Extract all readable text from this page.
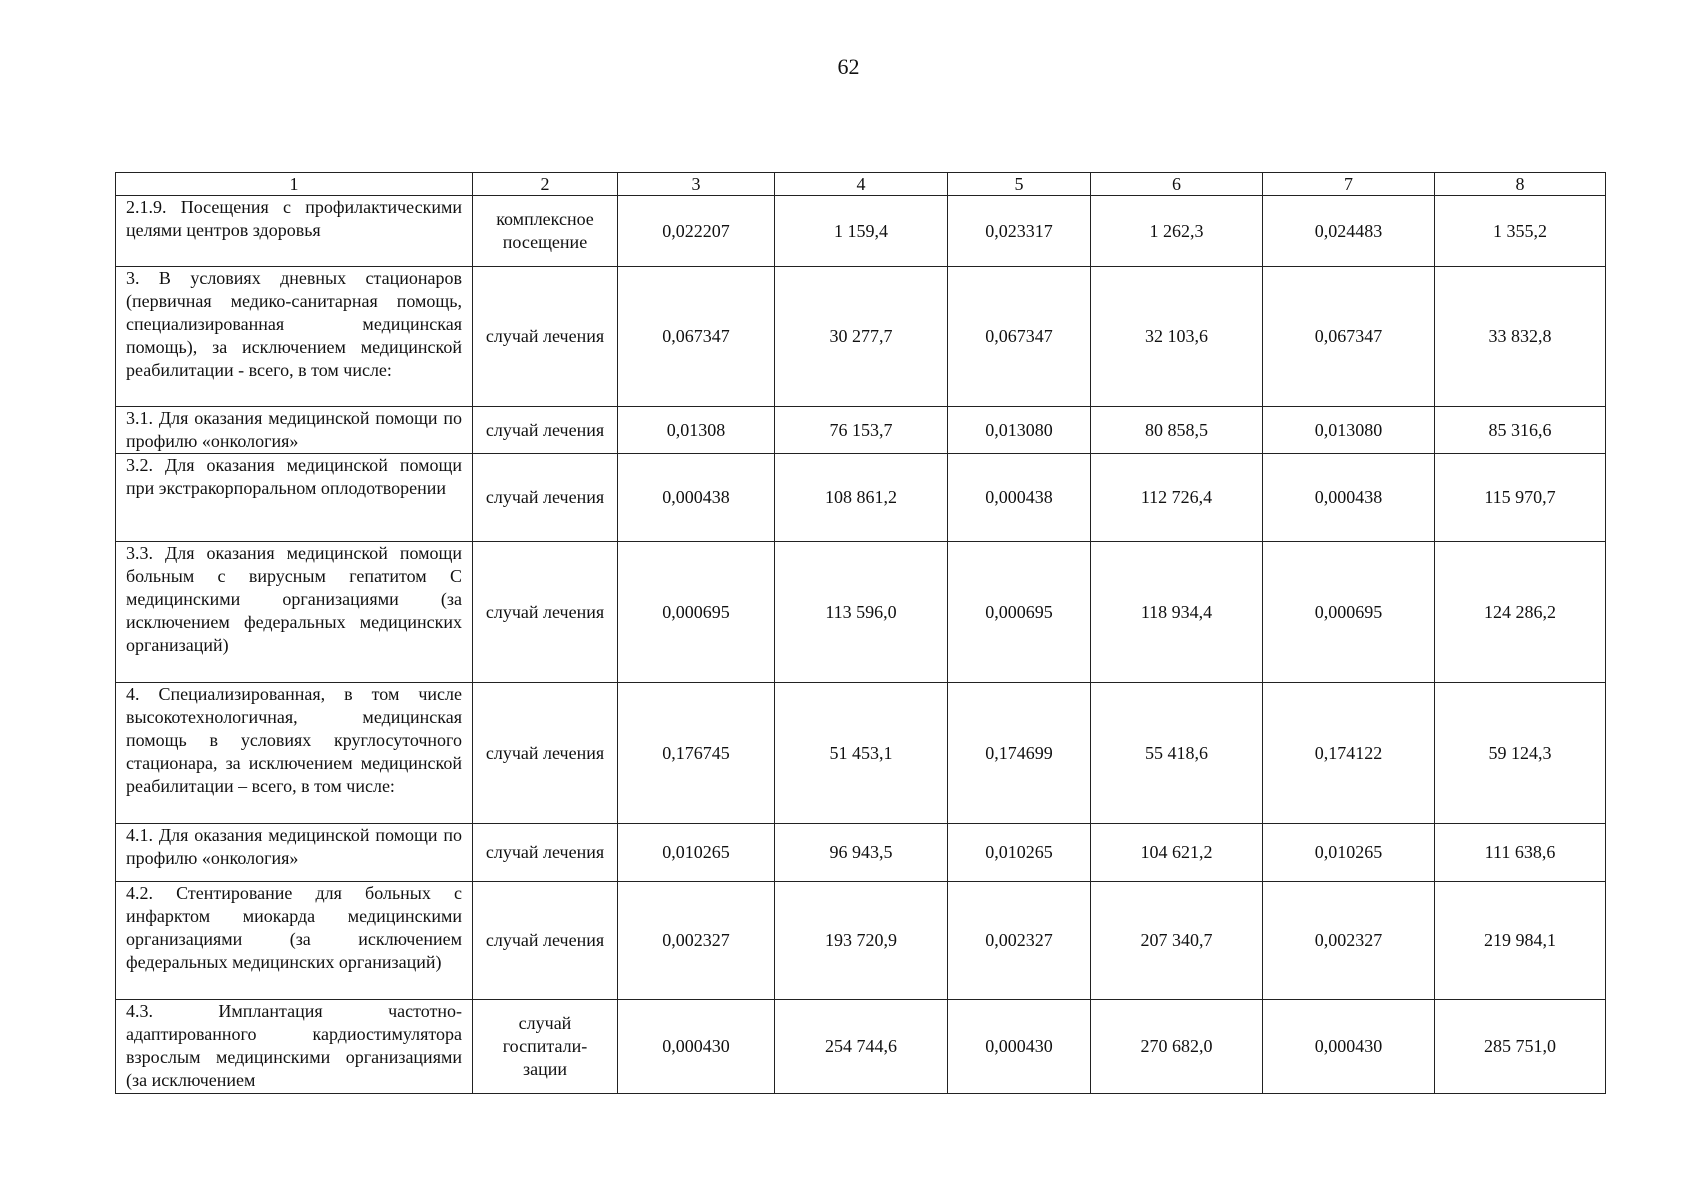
62
1	2	3	4	5	6	7	8
2.1.9. Посещения с профилактическими целями центров здоровья	комплексное посещение	0,022207	1 159,4	0,023317	1 262,3	0,024483	1 355,2
3. В условиях дневных стационаров (первичная медико-санитарная помощь, специализированная медицинская помощь), за исключением медицинской реабилитации - всего, в том числе:	случай лечения	0,067347	30 277,7	0,067347	32 103,6	0,067347	33 832,8
3.1. Для оказания медицинской помощи по профилю «онкология»	случай лечения	0,01308	76 153,7	0,013080	80 858,5	0,013080	85 316,6
3.2. Для оказания медицинской помощи при экстракорпоральном оплодотворении	случай лечения	0,000438	108 861,2	0,000438	112 726,4	0,000438	115 970,7
3.3. Для оказания медицинской помощи больным с вирусным гепатитом С медицинскими организациями (за исключением федеральных медицинских организаций)	случай лечения	0,000695	113 596,0	0,000695	118 934,4	0,000695	124 286,2
4. Специализированная, в том числе высокотехнологичная, медицинская помощь в условиях круглосуточного стационара, за исключением медицинской реабилитации – всего, в том числе:	случай лечения	0,176745	51 453,1	0,174699	55 418,6	0,174122	59 124,3
4.1. Для оказания медицинской помощи по профилю «онкология»	случай лечения	0,010265	96 943,5	0,010265	104 621,2	0,010265	111 638,6
4.2. Стентирование для больных с инфарктом миокарда медицинскими организациями (за исключением федеральных медицинских организаций)	случай лечения	0,002327	193 720,9	0,002327	207 340,7	0,002327	219 984,1
4.3. Имплантация частотно-адаптированного кардиостимулятора взрослым медицинскими организациями (за исключением	случай госпитали-зации	0,000430	254 744,6	0,000430	270 682,0	0,000430	285 751,0
